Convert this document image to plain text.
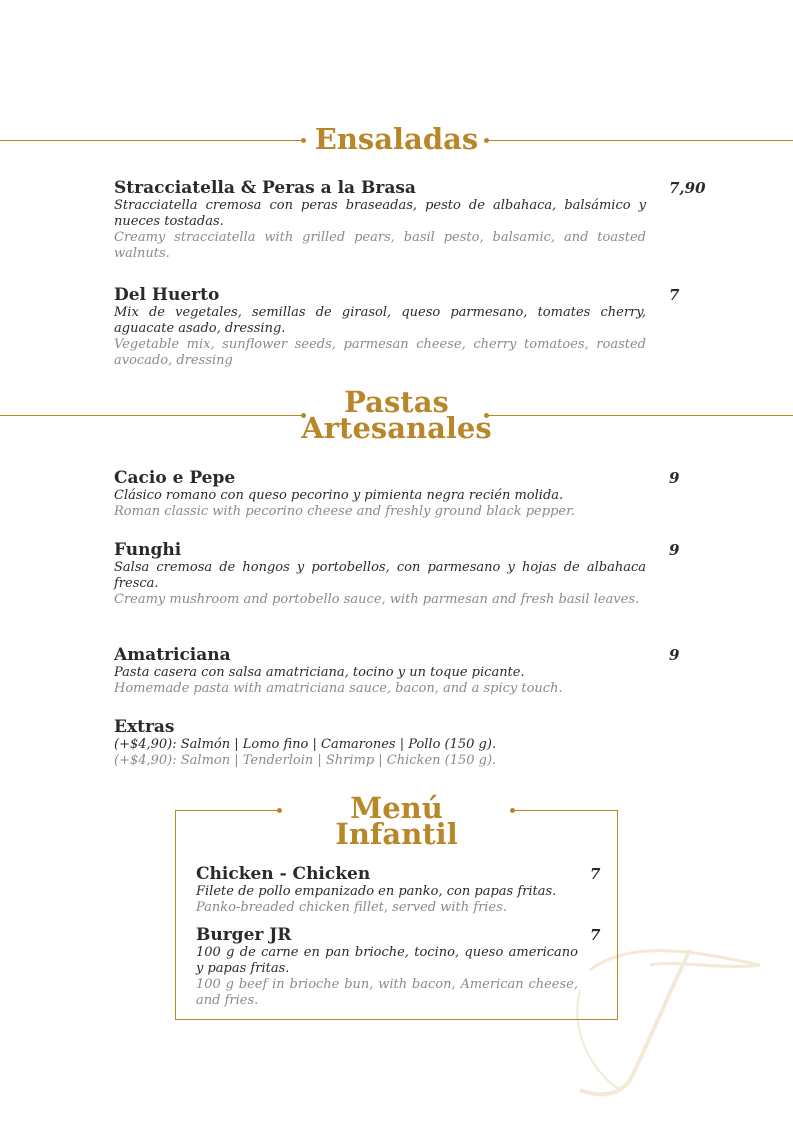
Ensaladas
Stracciatella & Peras a la Brasa
Stracciatella cremosa con peras braseadas, pesto de albahaca, balsámico y nueces tostadas.
Creamy stracciatella with grilled pears, basil pesto, balsamic, and toasted walnuts.
7,90
Del Huerto
Mix de vegetales, semillas de girasol, queso parmesano, tomates cherry, aguacate asado, dressing.
Vegetable mix, sunflower seeds, parmesan cheese, cherry tomatoes, roasted avocado, dressing
7
Pastas
Artesanales
Cacio e Pepe
Clásico romano con queso pecorino y pimienta negra recién molida.
Roman classic with pecorino cheese and freshly ground black pepper.
9
Funghi
Salsa cremosa de hongos y portobellos, con parmesano y hojas de albahaca fresca.
Creamy mushroom and portobello sauce, with parmesan and fresh basil leaves.
9
Amatriciana
Pasta casera con salsa amatriciana, tocino y un toque picante.
Homemade pasta with amatriciana sauce, bacon, and a spicy touch.
9
Extras
(+$4,90): Salmón | Lomo fino | Camarones | Pollo (150 g).
(+$4,90): Salmon | Tenderloin | Shrimp | Chicken (150 g).
Menú
Infantil
Chicken - Chicken
Filete de pollo empanizado en panko, con papas fritas.
Panko-breaded chicken fillet, served with fries.
7
Burger JR
100 g de carne en pan brioche, tocino, queso americano y papas fritas.
100 g beef in brioche bun, with bacon, American cheese, and fries.
7
